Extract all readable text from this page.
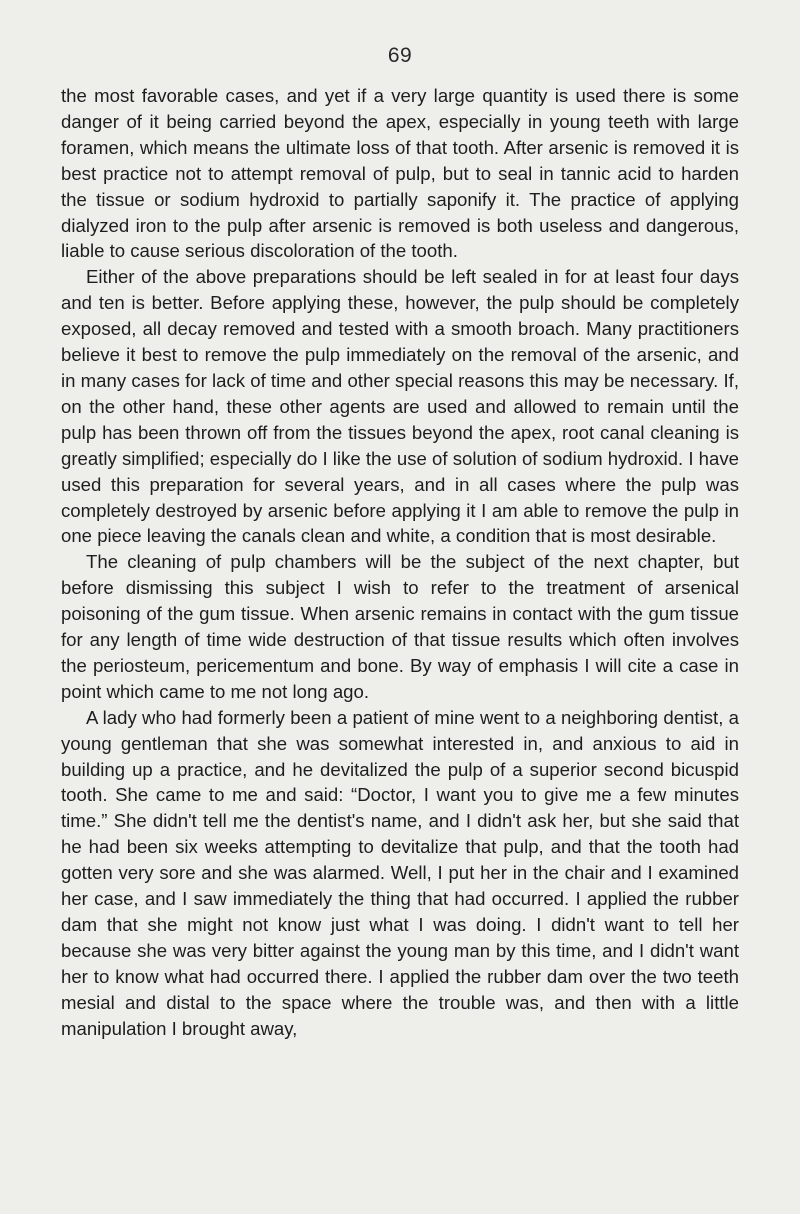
69

the most favorable cases, and yet if a very large quantity is used there is some danger of it being carried beyond the apex, especially in young teeth with large foramen, which means the ultimate loss of that tooth. After arsenic is removed it is best practice not to attempt removal of pulp, but to seal in tannic acid to harden the tissue or sodium hydroxid to partially saponify it. The practice of applying dialyzed iron to the pulp after arsenic is removed is both useless and dangerous, liable to cause serious discoloration of the tooth.

Either of the above preparations should be left sealed in for at least four days and ten is better. Before applying these, however, the pulp should be completely exposed, all decay removed and tested with a smooth broach. Many practitioners believe it best to remove the pulp immediately on the removal of the arsenic, and in many cases for lack of time and other special reasons this may be necessary. If, on the other hand, these other agents are used and allowed to remain until the pulp has been thrown off from the tissues beyond the apex, root canal cleaning is greatly simplified; especially do I like the use of solution of sodium hydroxid. I have used this preparation for several years, and in all cases where the pulp was completely destroyed by arsenic before applying it I am able to remove the pulp in one piece leaving the canals clean and white, a condition that is most desirable.

The cleaning of pulp chambers will be the subject of the next chapter, but before dismissing this subject I wish to refer to the treatment of arsenical poisoning of the gum tissue. When arsenic remains in contact with the gum tissue for any length of time wide destruction of that tissue results which often involves the periosteum, pericementum and bone. By way of emphasis I will cite a case in point which came to me not long ago.

A lady who had formerly been a patient of mine went to a neighboring dentist, a young gentleman that she was somewhat interested in, and anxious to aid in building up a practice, and he devitalized the pulp of a superior second bicuspid tooth. She came to me and said: “Doctor, I want you to give me a few minutes time.” She didn't tell me the dentist's name, and I didn't ask her, but she said that he had been six weeks attempting to devitalize that pulp, and that the tooth had gotten very sore and she was alarmed. Well, I put her in the chair and I examined her case, and I saw immediately the thing that had occurred. I applied the rubber dam that she might not know just what I was doing. I didn't want to tell her because she was very bitter against the young man by this time, and I didn't want her to know what had occurred there. I applied the rubber dam over the two teeth mesial and distal to the space where the trouble was, and then with a little manipulation I brought away,
